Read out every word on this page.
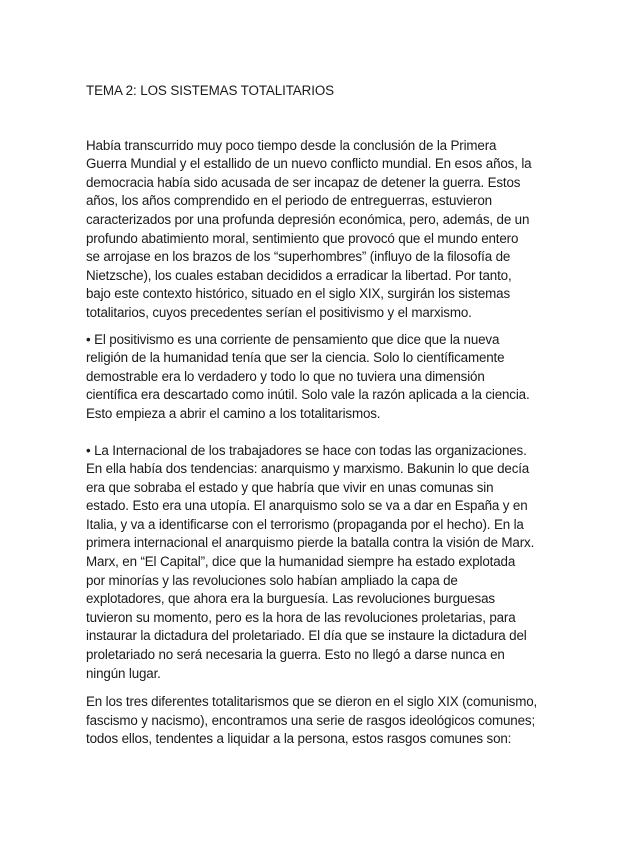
TEMA 2: LOS SISTEMAS TOTALITARIOS
Había transcurrido muy poco tiempo desde la conclusión de la Primera
Guerra Mundial y el estallido de un nuevo conflicto mundial. En esos años, la
democracia había sido acusada de ser incapaz de detener la guerra. Estos
años, los años comprendido en el periodo de entreguerras, estuvieron
caracterizados por una profunda depresión económica, pero, además, de un
profundo abatimiento moral, sentimiento que provocó que el mundo entero
se arrojase en los brazos de los “superhombres” (influyo de la filosofía de
Nietzsche), los cuales estaban decididos a erradicar la libertad. Por tanto,
bajo este contexto histórico, situado en el siglo XIX, surgirán los sistemas
totalitarios, cuyos precedentes serían el positivismo y el marxismo.
• El positivismo es una corriente de pensamiento que dice que la nueva
religión de la humanidad tenía que ser la ciencia. Solo lo científicamente
demostrable era lo verdadero y todo lo que no tuviera una dimensión
científica era descartado como inútil. Solo vale la razón aplicada a la ciencia.
Esto empieza a abrir el camino a los totalitarismos.
• La Internacional de los trabajadores se hace con todas las organizaciones.
En ella había dos tendencias: anarquismo y marxismo. Bakunin lo que decía
era que sobraba el estado y que habría que vivir en unas comunas sin
estado. Esto era una utopía. El anarquismo solo se va a dar en España y en
Italia, y va a identificarse con el terrorismo (propaganda por el hecho). En la
primera internacional el anarquismo pierde la batalla contra la visión de Marx.
Marx, en “El Capital”, dice que la humanidad siempre ha estado explotada
por minorías y las revoluciones solo habían ampliado la capa de
explotadores, que ahora era la burguesía. Las revoluciones burguesas
tuvieron su momento, pero es la hora de las revoluciones proletarias, para
instaurar la dictadura del proletariado. El día que se instaure la dictadura del
proletariado no será necesaria la guerra. Esto no llegó a darse nunca en
ningún lugar.
En los tres diferentes totalitarismos que se dieron en el siglo XIX (comunismo,
fascismo y nacismo), encontramos una serie de rasgos ideológicos comunes;
todos ellos, tendentes a liquidar a la persona, estos rasgos comunes son:
